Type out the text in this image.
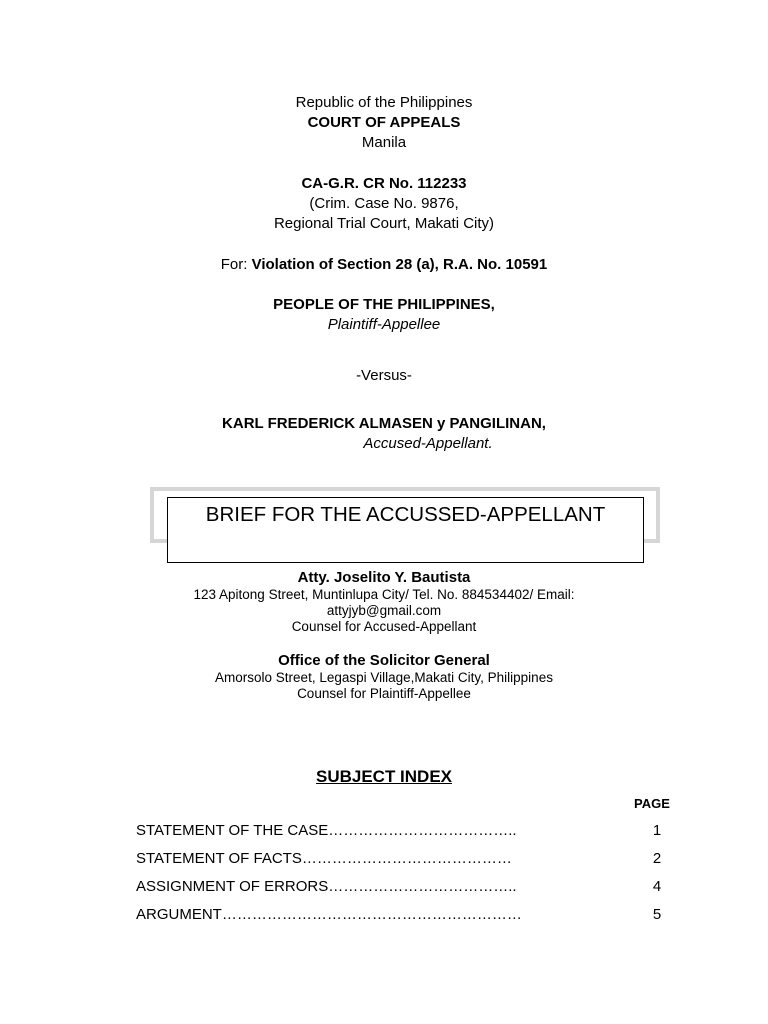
Republic of the Philippines
COURT OF APPEALS
Manila
CA-G.R. CR No. 112233
(Crim. Case No. 9876,
Regional Trial Court, Makati City)
For: Violation of Section 28 (a), R.A. No. 10591
PEOPLE OF THE PHILIPPINES,
Plaintiff-Appellee
-Versus-
KARL FREDERICK ALMASEN y PANGILINAN,
Accused-Appellant.
BRIEF FOR THE ACCUSSED-APPELLANT
Atty. Joselito Y. Bautista
123 Apitong Street, Muntinlupa City/ Tel. No. 884534402/ Email:
attyjyb@gmail.com
Counsel for Accused-Appellant
Office of the Solicitor General
Amorsolo Street, Legaspi Village,Makati City, Philippines
Counsel for Plaintiff-Appellee
SUBJECT INDEX
PAGE
STATEMENT OF THE CASE………………………………..	1
STATEMENT OF FACTS……………………………………	2
ASSIGNMENT OF ERRORS………………………………..	4
ARGUMENT……………………………………………………	5
